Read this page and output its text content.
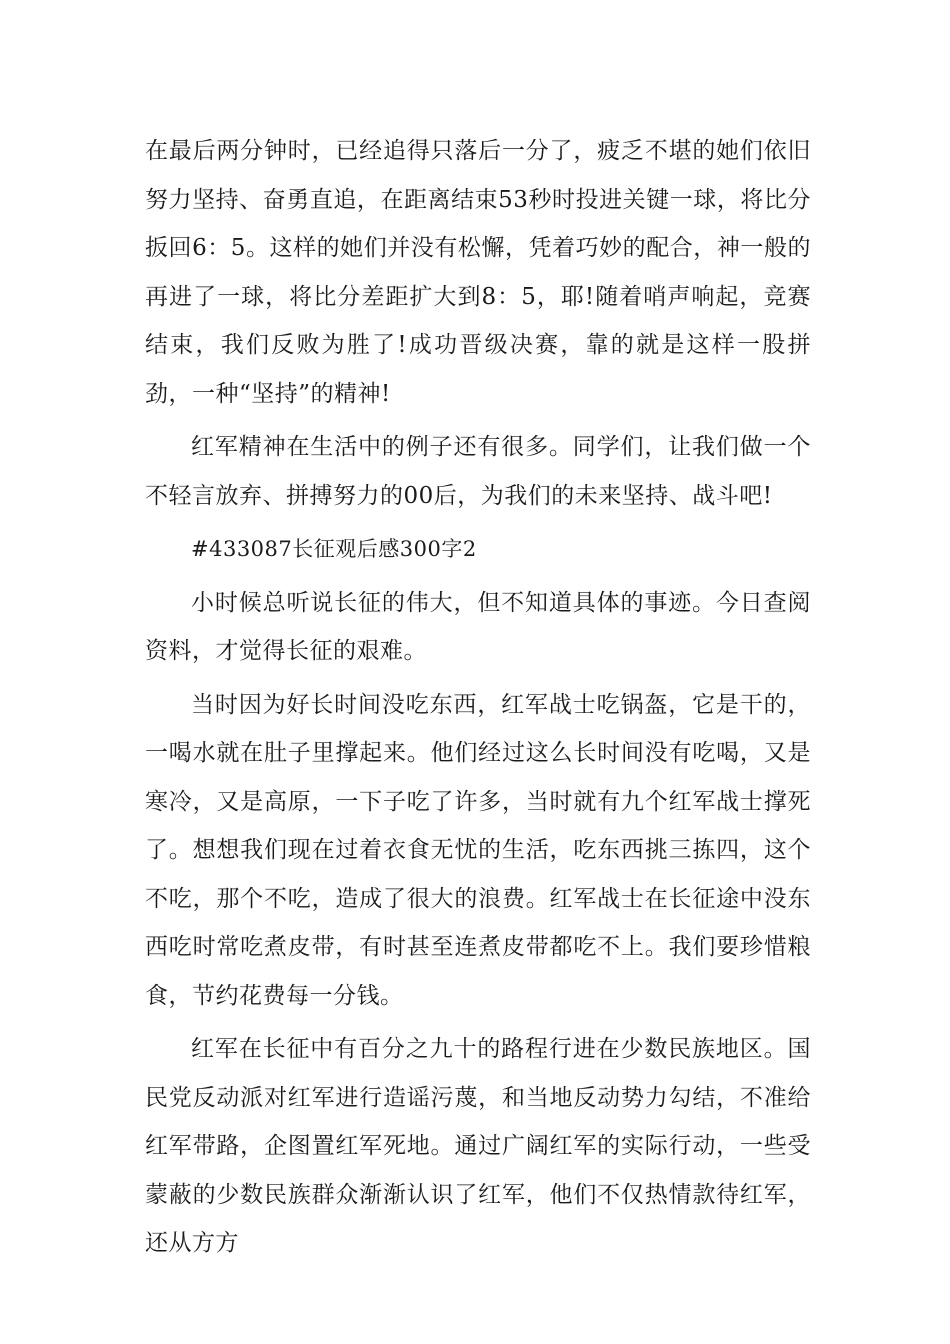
在最后两分钟时，已经追得只落后一分了，疲乏不堪的她们依旧努力坚持、奋勇直追，在距离结束53秒时投进关键一球，将比分扳回6：5。这样的她们并没有松懈，凭着巧妙的配合，神一般的再进了一球，将比分差距扩大到8：5，耶!随着哨声响起，竞赛结束，我们反败为胜了!成功晋级决赛，靠的就是这样一股拼劲，一种“坚持”的精神!

红军精神在生活中的例子还有很多。同学们，让我们做一个不轻言放弃、拼搏努力的00后，为我们的未来坚持、战斗吧!

#433087长征观后感300字2

小时候总听说长征的伟大，但不知道具体的事迹。今日查阅资料，才觉得长征的艰难。

当时因为好长时间没吃东西，红军战士吃锅盔，它是干的，一喝水就在肚子里撑起来。他们经过这么长时间没有吃喝，又是寒冷，又是高原，一下子吃了许多，当时就有九个红军战士撑死了。想想我们现在过着衣食无忧的生活，吃东西挑三拣四，这个不吃，那个不吃，造成了很大的浪费。红军战士在长征途中没东西吃时常吃煮皮带，有时甚至连煮皮带都吃不上。我们要珍惜粮食，节约花费每一分钱。

红军在长征中有百分之九十的路程行进在少数民族地区。国民党反动派对红军进行造谣污蔑，和当地反动势力勾结，不准给红军带路，企图置红军死地。通过广阔红军的实际行动，一些受蒙蔽的少数民族群众渐渐认识了红军，他们不仅热情款待红军，还从方方
